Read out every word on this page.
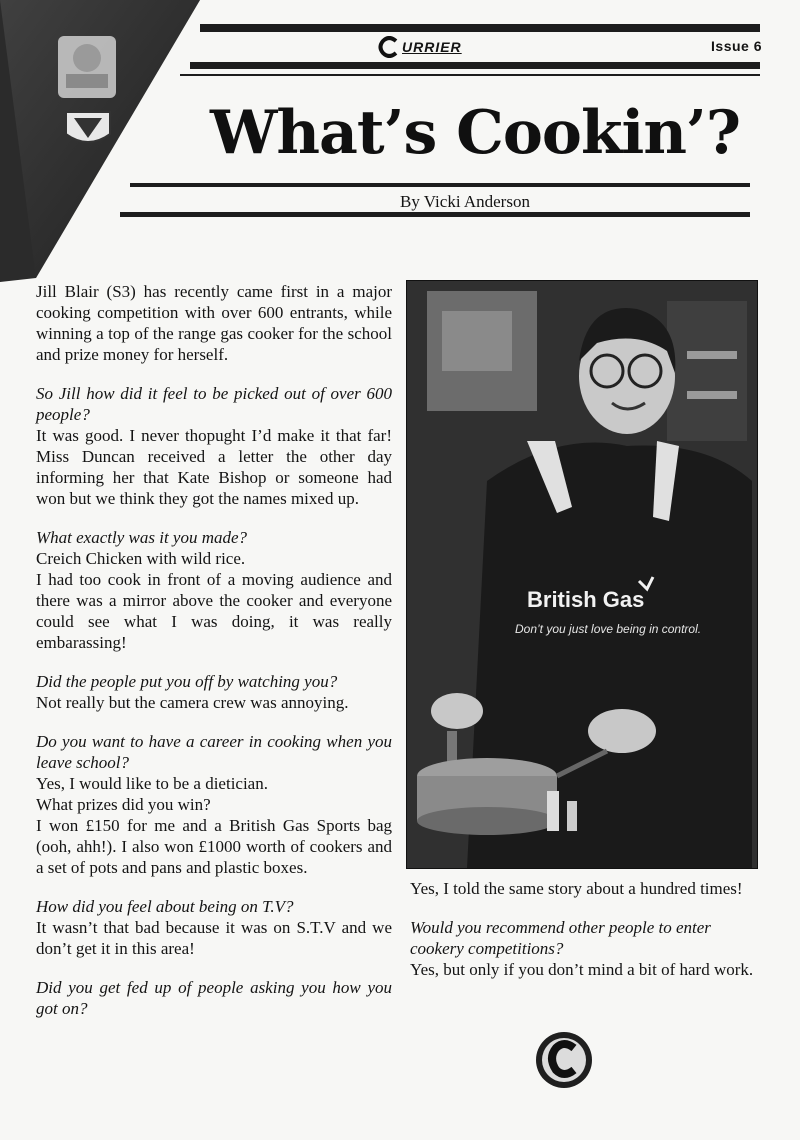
URRIER	Issue 6
What’s Cookin’?
By Vicki Anderson

Jill Blair (S3) has recently came first in a major cooking competition with over 600 entrants, while winning a top of the range gas cooker for the school and prize money for herself.

So Jill how did it feel to be picked out of over 600 people?

It was good. I never thopught I’d make it that far! Miss Duncan received a letter the other day informing her that Kate Bishop or someone had won but we think they got the names mixed up.

What exactly was it you made?

Creich Chicken with wild rice.

I had too cook in front of a moving audience and there was a mirror above the cooker and everyone could see what I was doing, it was really embarassing!

Did the people put you off by watching you?

Not really but the camera crew was annoying.

Do you want to have a career in cooking when you leave school?

Yes, I would like to be a dietician.

What prizes did you win?

I won £150 for me and a British Gas Sports bag (ooh, ahh!). I also won £1000 worth of cookers and a set of pots and pans and plastic boxes.

How did you feel about being on T.V?

It wasn’t that bad because it was on S.T.V and we don’t get it in this area!

Did you get fed up of people asking you how you got on?

British Gas
Don’t you just love being in control.

Yes, I told the same story about a hundred times!

Would you recommend other people to enter cookery competitions?

Yes, but only if you don’t mind a bit of hard work.
